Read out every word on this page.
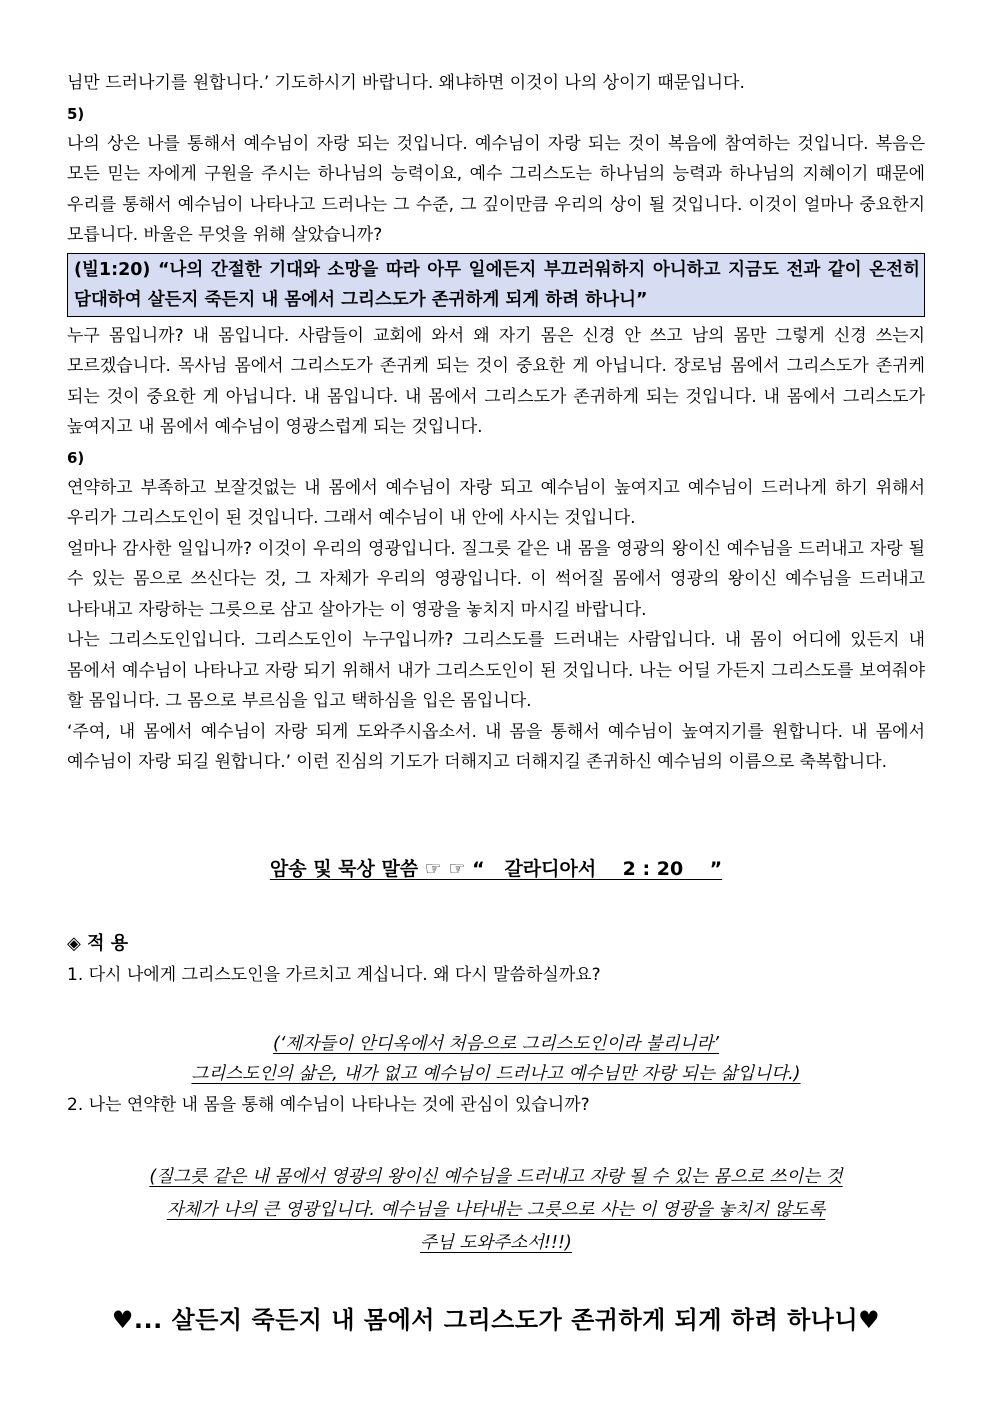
님만 드러나기를 원합니다.’ 기도하시기 바랍니다. 왜냐하면 이것이 나의 상이기 때문입니다.

5)

나의 상은 나를 통해서 예수님이 자랑 되는 것입니다. 예수님이 자랑 되는 것이 복음에 참여하는 것입니다. 복음은 모든 믿는 자에게 구원을 주시는 하나님의 능력이요, 예수 그리스도는 하나님의 능력과 하나님의 지혜이기 때문에 우리를 통해서 예수님이 나타나고 드러나는 그 수준, 그 깊이만큼 우리의 상이 될 것입니다. 이것이 얼마나 중요한지 모릅니다. 바울은 무엇을 위해 살았습니까?

(빌1:20) “나의 간절한 기대와 소망을 따라 아무 일에든지 부끄러워하지 아니하고 지금도 전과 같이 온전히 담대하여 살든지 죽든지 내 몸에서 그리스도가 존귀하게 되게 하려 하나니”

누구 몸입니까? 내 몸입니다. 사람들이 교회에 와서 왜 자기 몸은 신경 안 쓰고 남의 몸만 그렇게 신경 쓰는지 모르겠습니다. 목사님 몸에서 그리스도가 존귀케 되는 것이 중요한 게 아닙니다. 장로님 몸에서 그리스도가 존귀케 되는 것이 중요한 게 아닙니다. 내 몸입니다. 내 몸에서 그리스도가 존귀하게 되는 것입니다. 내 몸에서 그리스도가 높여지고 내 몸에서 예수님이 영광스럽게 되는 것입니다.

6)

연약하고 부족하고 보잘것없는 내 몸에서 예수님이 자랑 되고 예수님이 높여지고 예수님이 드러나게 하기 위해서 우리가 그리스도인이 된 것입니다. 그래서 예수님이 내 안에 사시는 것입니다.

얼마나 감사한 일입니까? 이것이 우리의 영광입니다. 질그릇 같은 내 몸을 영광의 왕이신 예수님을 드러내고 자랑 될 수 있는 몸으로 쓰신다는 것, 그 자체가 우리의 영광입니다. 이 썩어질 몸에서 영광의 왕이신 예수님을 드러내고 나타내고 자랑하는 그릇으로 삼고 살아가는 이 영광을 놓치지 마시길 바랍니다.

나는 그리스도인입니다. 그리스도인이 누구입니까? 그리스도를 드러내는 사람입니다. 내 몸이 어디에 있든지 내 몸에서 예수님이 나타나고 자랑 되기 위해서 내가 그리스도인이 된 것입니다. 나는 어딜 가든지 그리스도를 보여줘야 할 몸입니다. 그 몸으로 부르심을 입고 택하심을 입은 몸입니다.

‘주여, 내 몸에서 예수님이 자랑 되게 도와주시옵소서. 내 몸을 통해서 예수님이 높여지기를 원합니다. 내 몸에서 예수님이 자랑 되길 원합니다.’ 이런 진심의 기도가 더해지고 더해지길 존귀하신 예수님의 이름으로 축복합니다.

암송 및 묵상 말씀 ☞ ☞ “   갈라디아서    2 : 20    ”
◈ 적 용

1. 다시 나에게 그리스도인을 가르치고 계십니다. 왜 다시 말씀하실까요?

(‘제자들이 안디옥에서 처음으로 그리스도인이라 불리니라’

그리스도인의 삶은, 내가 없고 예수님이 드러나고 예수님만 자랑 되는 삶입니다.)

2. 나는 연약한 내 몸을 통해 예수님이 나타나는 것에 관심이 있습니까?

(질그릇 같은 내 몸에서 영광의 왕이신 예수님을 드러내고 자랑 될 수 있는 몸으로 쓰이는 것

자체가 나의 큰 영광입니다. 예수님을 나타내는 그릇으로 사는 이 영광을 놓치지 않도록

주님 도와주소서!!!)

♥... 살든지 죽든지 내 몸에서 그리스도가 존귀하게 되게 하려 하나니♥
